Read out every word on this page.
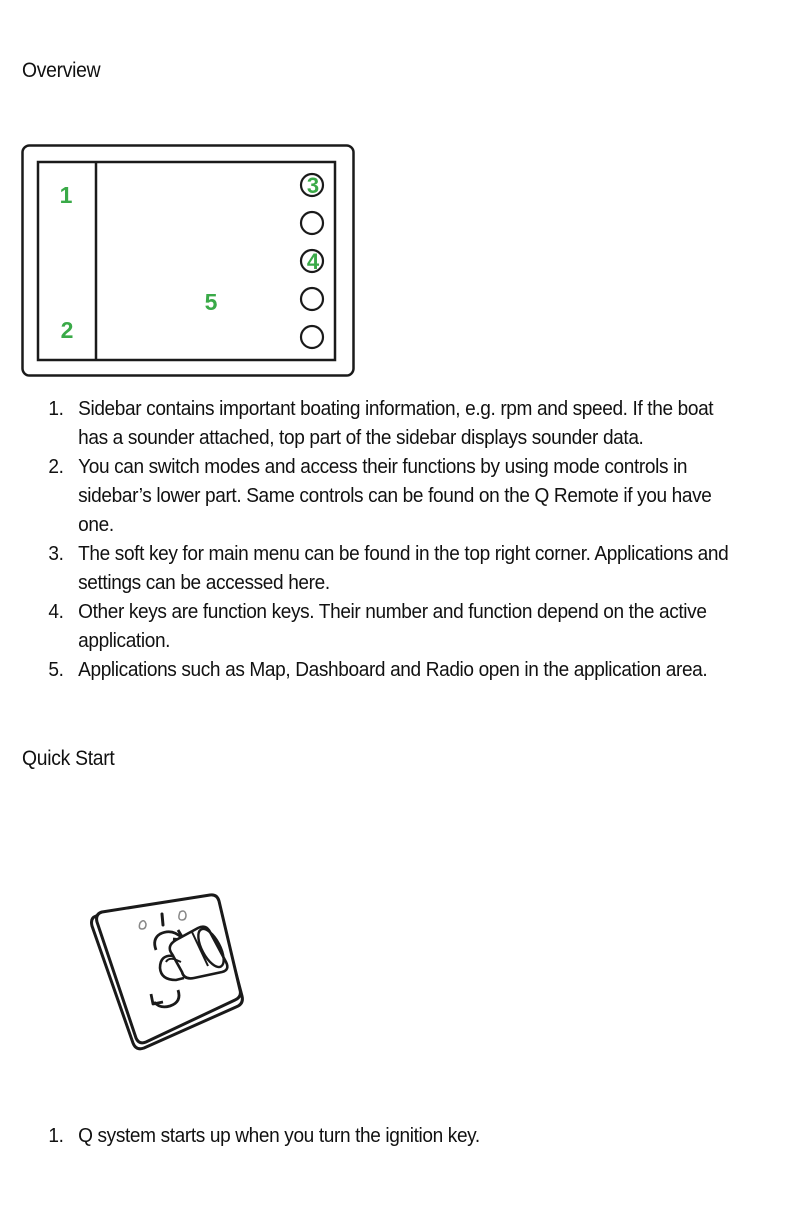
Overview
1
2
5
3
4
1. Sidebar contains important boating information, e.g. rpm and speed. If the boat has a sounder attached, top part of the sidebar displays sounder data.
2. You can switch modes and access their functions by using mode controls in sidebar’s lower part. Same controls can be found on the Q Remote if you have one.
3. The soft key for main menu can be found in the top right corner. Applications and settings can be accessed here.
4. Other keys are function keys. Their number and function depend on the active application.
5. Applications such as Map, Dashboard and Radio open in the application area.
Quick Start
1. Q system starts up when you turn the ignition key.
